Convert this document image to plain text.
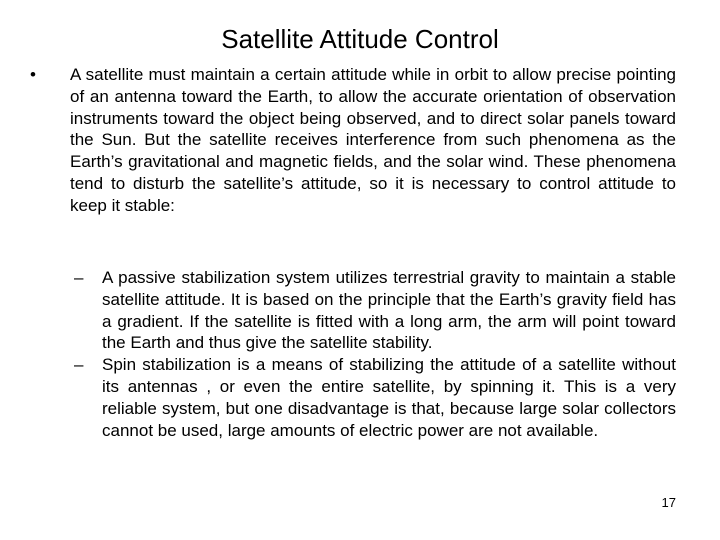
Satellite Attitude Control
• A satellite must maintain a certain attitude while in orbit to allow precise pointing of an antenna toward the Earth, to allow the accurate orientation of observation instruments toward the object being observed, and to direct solar panels toward the Sun. But the satellite receives interference from such phenomena as the Earth’s gravitational and magnetic fields, and the solar wind. These phenomena tend to disturb the satellite’s attitude, so it is necessary to control attitude to keep it stable:
– A passive stabilization system utilizes terrestrial gravity to maintain a stable satellite attitude. It is based on the principle that the Earth’s gravity field has a gradient. If the satellite is fitted with a long arm, the arm will point toward the Earth and thus give the satellite stability.
– Spin stabilization is a means of stabilizing the attitude of a satellite without its antennas , or even the entire satellite, by spinning it. This is a very reliable system, but one disadvantage is that, because large solar collectors cannot be used, large amounts of electric power are not available.
17
